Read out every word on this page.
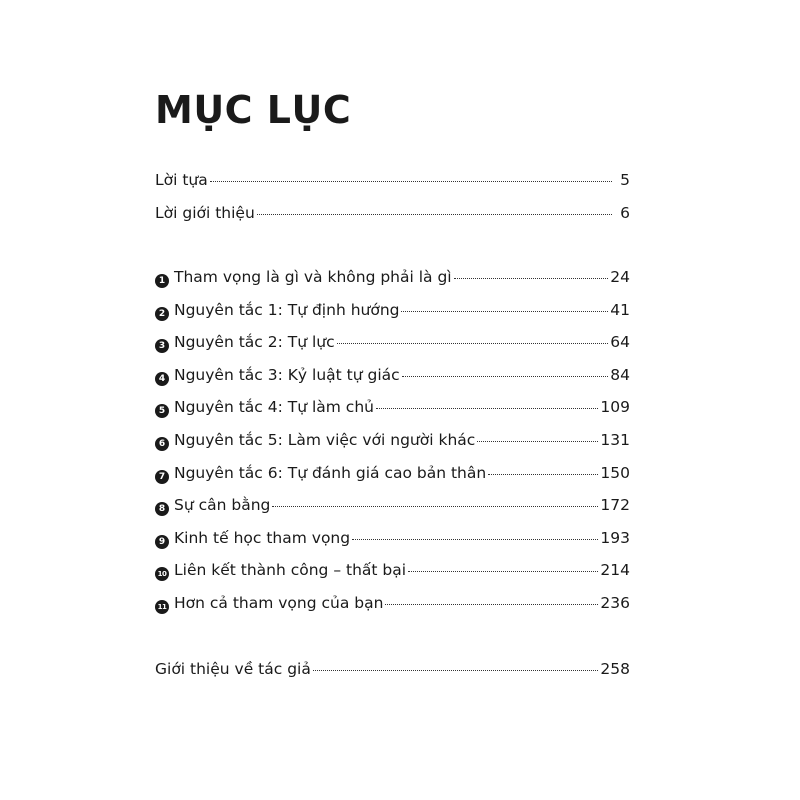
MỤC LỤC
Lời tựa	5
Lời giới thiệu	6
1 Tham vọng là gì và không phải là gì	24
2 Nguyên tắc 1: Tự định hướng	41
3 Nguyên tắc 2: Tự lực	64
4 Nguyên tắc 3: Kỷ luật tự giác	84
5 Nguyên tắc 4: Tự làm chủ	109
6 Nguyên tắc 5: Làm việc với người khác	131
7 Nguyên tắc 6: Tự đánh giá cao bản thân	150
8 Sự cân bằng	172
9 Kinh tế học tham vọng	193
10 Liên kết thành công – thất bại	214
11 Hơn cả tham vọng của bạn	236
Giới thiệu về tác giả	258
